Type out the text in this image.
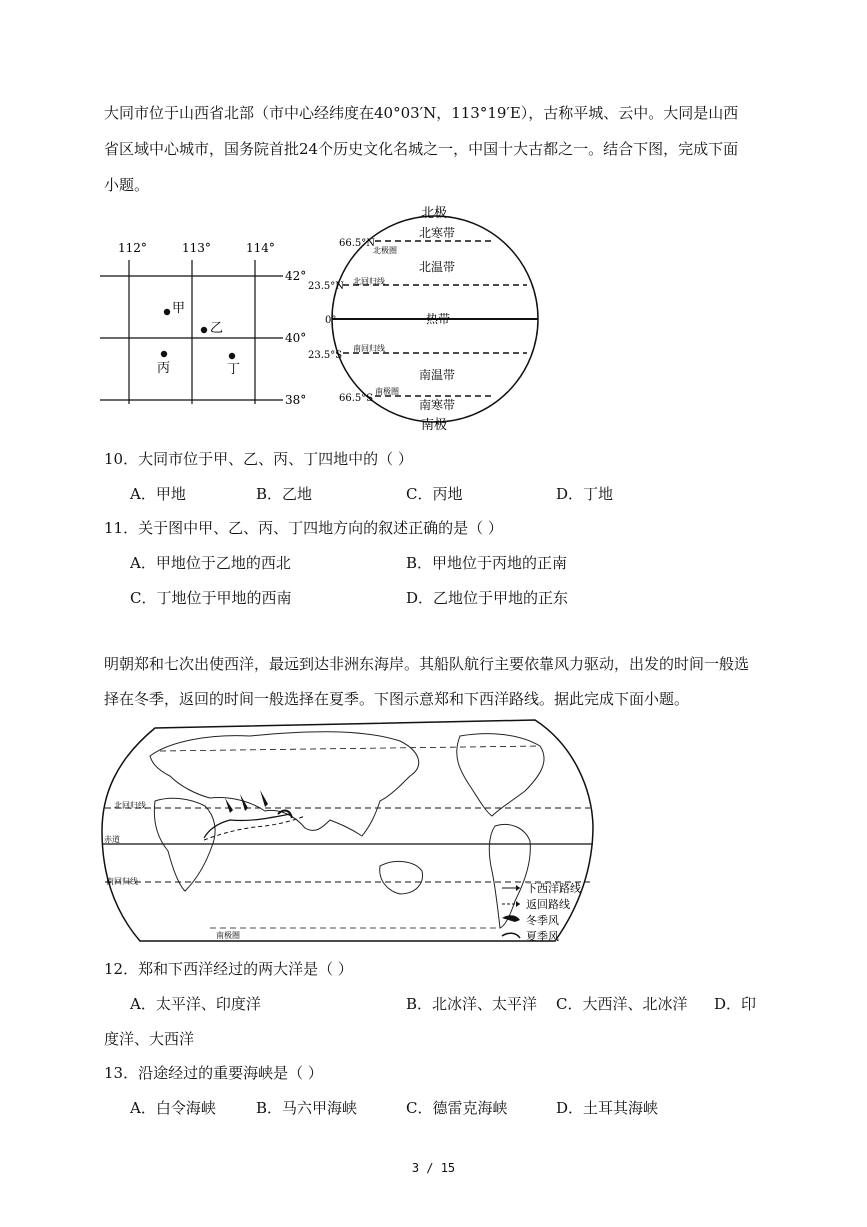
大同市位于山西省北部（市中心经纬度在40°03′N，113°19′E），古称平城、云中。大同是山西
省区域中心城市，国务院首批24个历史文化名城之一，中国十大古都之一。结合下图，完成下面
小题。
112°	113°	114°
42°
40°
38°
甲
乙
丙	丁
北极
南极
66.5°N
23.5°N
0°
23.5°S
66.5°S
北极圈
北回归线
南回归线
南极圈
北寒带
北温带
热带
南温带
南寒带
10．大同市位于甲、乙、丙、丁四地中的（ ）
A．甲地	B．乙地	C．丙地	D．丁地
11．关于图中甲、乙、丙、丁四地方向的叙述正确的是（ ）
A．甲地位于乙地的西北	B．甲地位于丙地的正南
C．丁地位于甲地的西南	D．乙地位于甲地的正东
明朝郑和七次出使西洋，最远到达非洲东海岸。其船队航行主要依靠风力驱动，出发的时间一般选
择在冬季，返回的时间一般选择在夏季。下图示意郑和下西洋路线。据此完成下面小题。
北回归线
赤道
南回归线
南极圈
下西洋路线
返回路线
冬季风
夏季风
12．郑和下西洋经过的两大洋是（ ）
A．太平洋、印度洋	B．北冰洋、太平洋 C．大西洋、北冰洋 D．印
度洋、大西洋
13．沿途经过的重要海峡是（ ）
A．白令海峡	B．马六甲海峡	C．德雷克海峡	D．土耳其海峡
3 / 15
